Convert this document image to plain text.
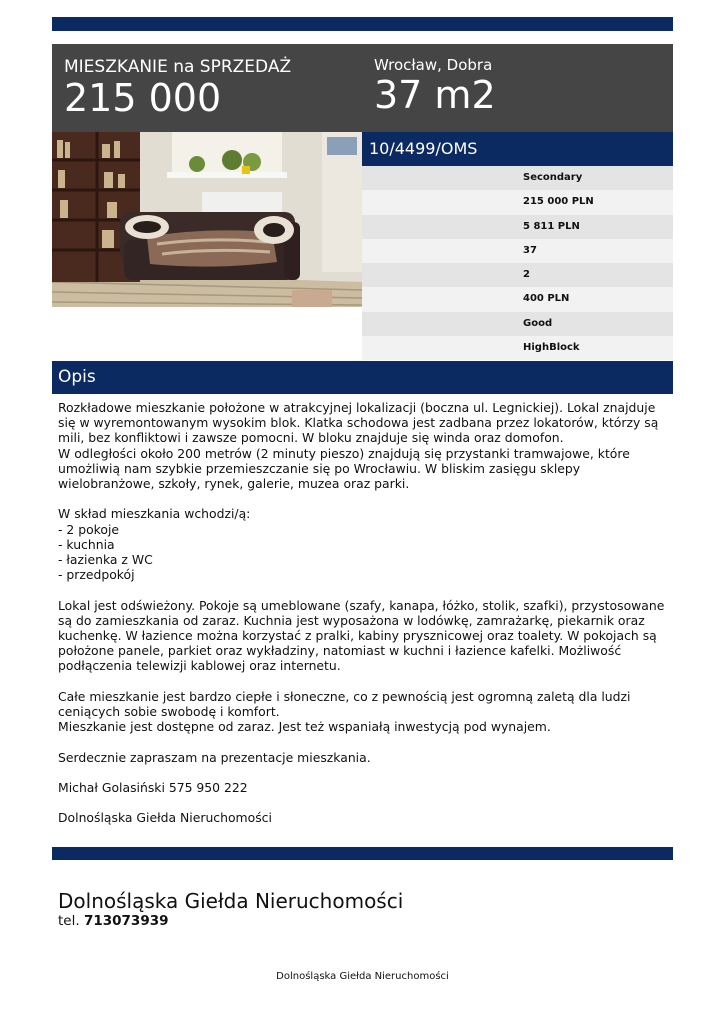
MIESZKANIE na SPRZEDAŻ
215 000
Wrocław, Dobra
37 m2
10/4499/OMS
Secondary
215 000 PLN
5 811 PLN
37
2
400 PLN
Good
HighBlock
Opis
Rozkładowe mieszkanie położone w atrakcyjnej lokalizacji (boczna ul. Legnickiej). Lokal znajduje się w wyremontowanym wysokim blok. Klatka schodowa jest zadbana przez lokatorów, którzy są mili, bez konfliktowi i zawsze pomocni. W bloku znajduje się winda oraz domofon.
W odległości około 200 metrów (2 minuty pieszo) znajdują się przystanki tramwajowe, które umożliwią nam szybkie przemieszczanie się po Wrocławiu. W bliskim zasięgu sklepy wielobranżowe, szkoły, rynek, galerie, muzea oraz parki.

W skład mieszkania wchodzi/ą:
- 2 pokoje
- kuchnia
- łazienka z WC
- przedpokój

Lokal jest odświeżony. Pokoje są umeblowane (szafy, kanapa, łóżko, stolik, szafki), przystosowane są do zamieszkania od zaraz. Kuchnia jest wyposażona w lodówkę, zamrażarkę, piekarnik oraz kuchenkę. W łazience można korzystać z pralki, kabiny prysznicowej oraz toalety. W pokojach są położone panele, parkiet oraz wykładziny, natomiast w kuchni i łazience kafelki. Możliwość podłączenia telewizji kablowej oraz internetu.

Całe mieszkanie jest bardzo ciepłe i słoneczne, co z pewnością jest ogromną zaletą dla ludzi ceniących sobie swobodę i komfort.
Mieszkanie jest dostępne od zaraz. Jest też wspaniałą inwestycją pod wynajem.

Serdecznie zapraszam na prezentacje mieszkania.

Michał Golasiński 575 950 222

Dolnośląska Giełda Nieruchomości
Dolnośląska Giełda Nieruchomości
tel. 713073939
Dolnośląska Giełda Nieruchomości
